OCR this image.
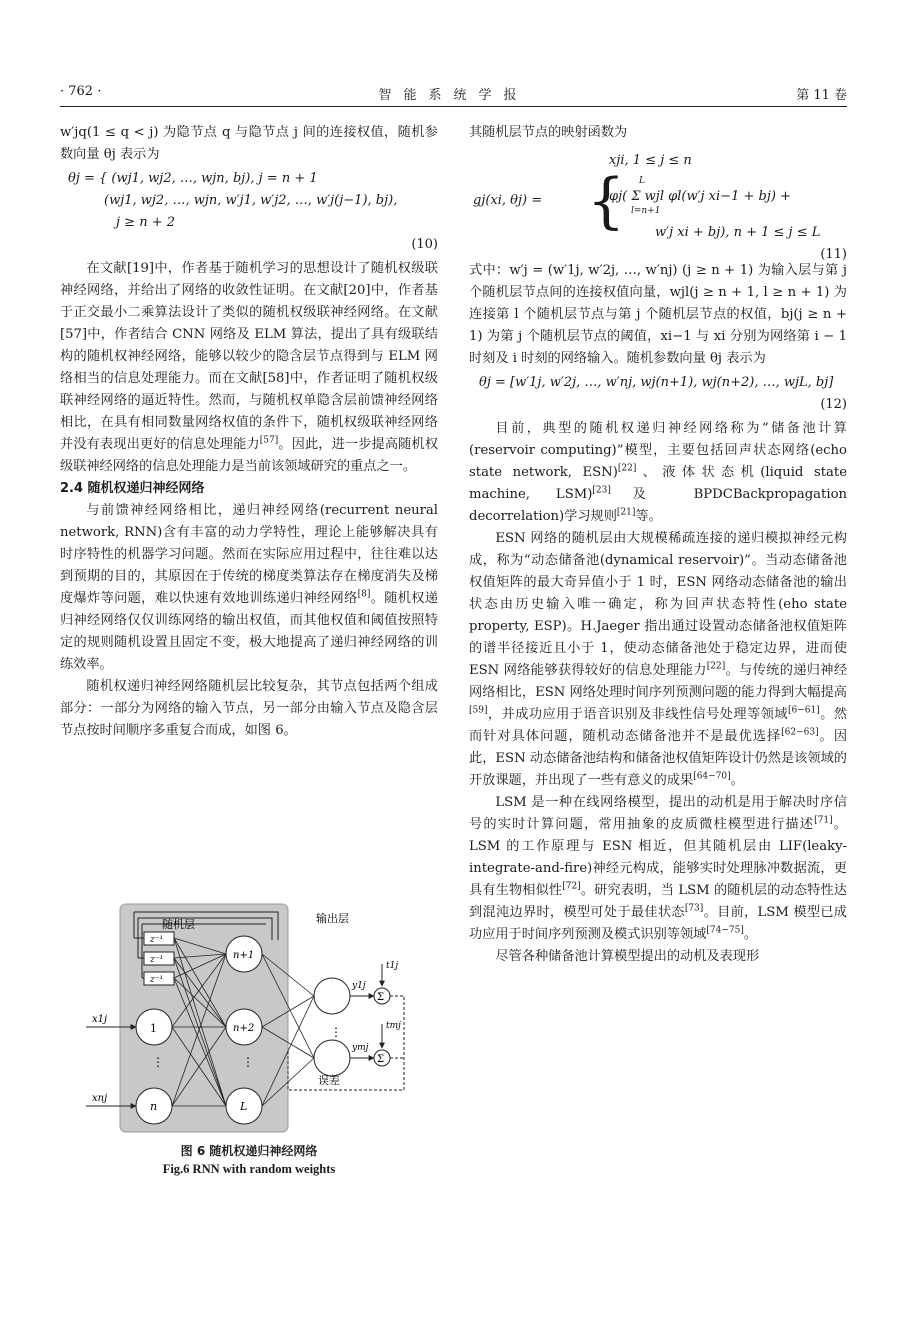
· 762 ·	智能系统学报	第 11 卷

w′jq(1 ≤ q < j) 为隐节点 q 与隐节点 j 间的连接权值，随机参数向量 θj 表示为

θj = { (wj1, wj2, …, wjn, bj), j = n + 1
(wj1, wj2, …, wjn, w′j1, w′j2, …, w′j(j−1), bj),
j ≥ n + 2
(10)

在文献[19]中，作者基于随机学习的思想设计了随机权级联神经网络，并给出了网络的收敛性证明。在文献[20]中，作者基于正交最小二乘算法设计了类似的随机权级联神经网络。在文献[57]中，作者结合 CNN 网络及 ELM 算法，提出了具有级联结构的随机权神经网络，能够以较少的隐含层节点得到与 ELM 网络相当的信息处理能力。而在文献[58]中，作者证明了随机权级联神经网络的逼近特性。然而，与随机权单隐含层前馈神经网络相比，在具有相同数量网络权值的条件下，随机权级联神经网络并没有表现出更好的信息处理能力[57]。因此，进一步提高随机权级联神经网络的信息处理能力是当前该领域研究的重点之一。

2.4 随机权递归神经网络

与前馈神经网络相比，递归神经网络(recurrent neural network, RNN)含有丰富的动力学特性，理论上能够解决具有时序特性的机器学习问题。然而在实际应用过程中，往往难以达到预期的目的，其原因在于传统的梯度类算法存在梯度消失及梯度爆炸等问题，难以快速有效地训练递归神经网络[8]。随机权递归神经网络仅仅训练网络的输出权值，而其他权值和阈值按照特定的规则随机设置且固定不变，极大地提高了递归神经网络的训练效率。

随机权递归神经网络随机层比较复杂，其节点包括两个组成部分：一部分为网络的输入节点，另一部分由输入节点及隐含层节点按时间顺序多重复合而成，如图 6。

随机层
z⁻¹
z⁻¹
z⁻¹
1
⋮
n
x1j
xnj
n+1
n+2
⋮
L
输出层
⋮
y1j
Σ
t1j
ymj
Σ
tmj
误差
图 6 随机权递归神经网络
Fig.6 RNN with random weights

其随机层节点的映射函数为

gj(xi, θj) = {
xji, 1 ≤ j ≤ n
L
φj( Σ wjl φl(w′j xi−1 + bj) +
l=n+1
w′j xi + bj), n + 1 ≤ j ≤ L
(11)

式中：w′j = (w′1j, w′2j, …, w′nj) (j ≥ n + 1) 为输入层与第 j 个随机层节点间的连接权值向量，wjl(j ≥ n + 1, l ≥ n + 1) 为连接第 l 个随机层节点与第 j 个随机层节点的权值，bj(j ≥ n + 1) 为第 j 个随机层节点的阈值，xi−1 与 xi 分别为网络第 i − 1 时刻及 i 时刻的网络输入。随机参数向量 θj 表示为

θj = [w′1j, w′2j, …, w′nj, wj(n+1), wj(n+2), …, wjL, bj]
(12)

目前，典型的随机权递归神经网络称为“储备池计算(reservoir computing)”模型，主要包括回声状态网络(echo state network, ESN)[22]、液体状态机(liquid state machine, LSM)[23]及 BPDCBackpropagation decorrelation)学习规则[21]等。

ESN 网络的随机层由大规模稀疏连接的递归模拟神经元构成，称为“动态储备池(dynamical reservoir)”。当动态储备池权值矩阵的最大奇异值小于 1 时，ESN 网络动态储备池的输出状态由历史输入唯一确定，称为回声状态特性(eho state property, ESP)。H.Jaeger 指出通过设置动态储备池权值矩阵的谱半径接近且小于 1，使动态储备池处于稳定边界，进而使 ESN 网络能够获得较好的信息处理能力[22]。与传统的递归神经网络相比，ESN 网络处理时间序列预测问题的能力得到大幅提高[59]，并成功应用于语音识别及非线性信号处理等领域[6−61]。然而针对具体问题，随机动态储备池并不是最优选择[62−63]。因此，ESN 动态储备池结构和储备池权值矩阵设计仍然是该领域的开放课题，并出现了一些有意义的成果[64−70]。

LSM 是一种在线网络模型，提出的动机是用于解决时序信号的实时计算问题，常用抽象的皮质微柱模型进行描述[71]。LSM 的工作原理与 ESN 相近，但其随机层由 LIF(leaky-integrate-and-fire)神经元构成，能够实时处理脉冲数据流，更具有生物相似性[72]。研究表明，当 LSM 的随机层的动态特性达到混沌边界时，模型可处于最佳状态[73]。目前，LSM 模型已成功应用于时间序列预测及模式识别等领域[74−75]。

尽管各种储备池计算模型提出的动机及表现形
